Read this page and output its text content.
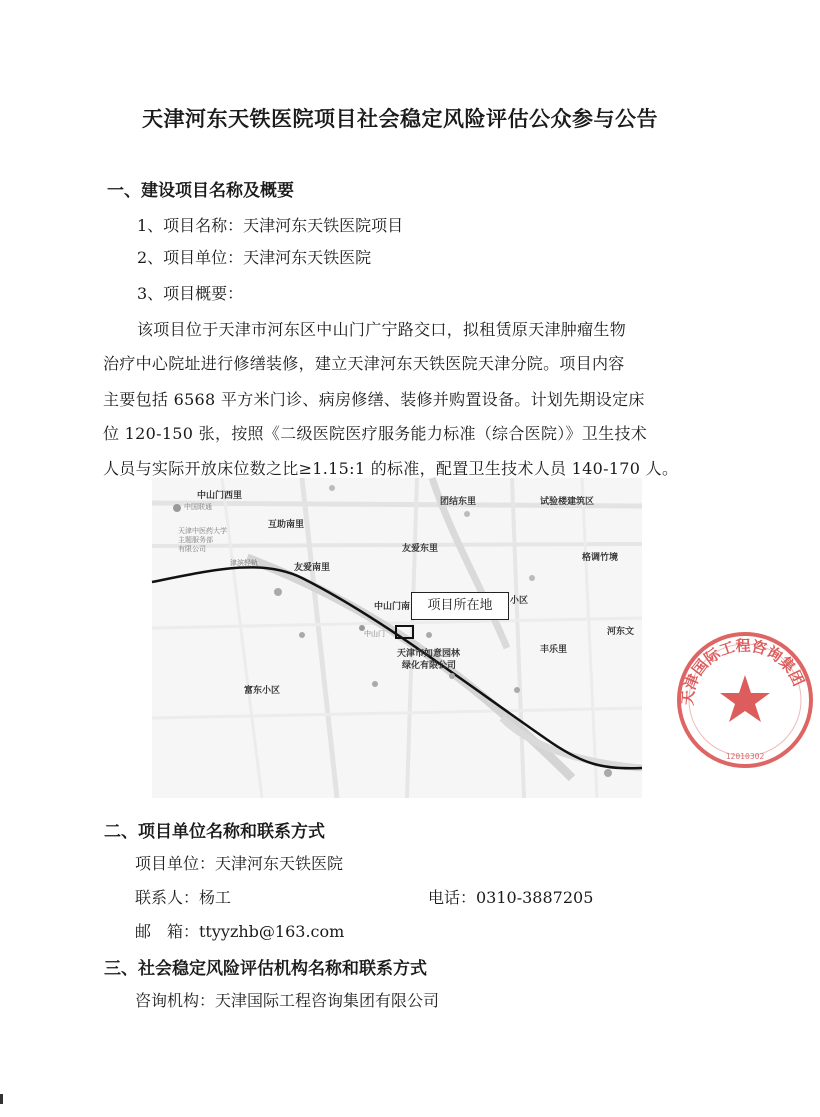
天津河东天铁医院项目社会稳定风险评估公众参与公告
一、建设项目名称及概要
1、项目名称：天津河东天铁医院项目
2、项目单位：天津河东天铁医院
3、项目概要：
该项目位于天津市河东区中山门广宁路交口，拟租赁原天津肿瘤生物
治疗中心院址进行修缮装修，建立天津河东天铁医院天津分院。项目内容
主要包括 6568 平方米门诊、病房修缮、装修并购置设备。计划先期设定床
位 120-150 张，按照《二级医院医疗服务能力标准（综合医院）》卫生技术
人员与实际开放床位数之比≥1.15:1 的标准，配置卫生技术人员 140-170 人。
中山门西里
中国联通
天津中医药大学
主题服务部
有限公司
互助南里
友爱南里
友爱东里
团结东里	试验楼建筑区
格调竹境
中山门南
小区
中山门
天津市如意园林
绿化有限公司
丰乐里
河东文
富东小区
津滨轻轨
项目所在地
天津国际工程咨询集团
12010302
二、项目单位名称和联系方式
项目单位：天津河东天铁医院
联系人：杨工	电话：0310-3887205
邮　箱：ttyyzhb@163.com
三、社会稳定风险评估机构名称和联系方式
咨询机构：天津国际工程咨询集团有限公司
